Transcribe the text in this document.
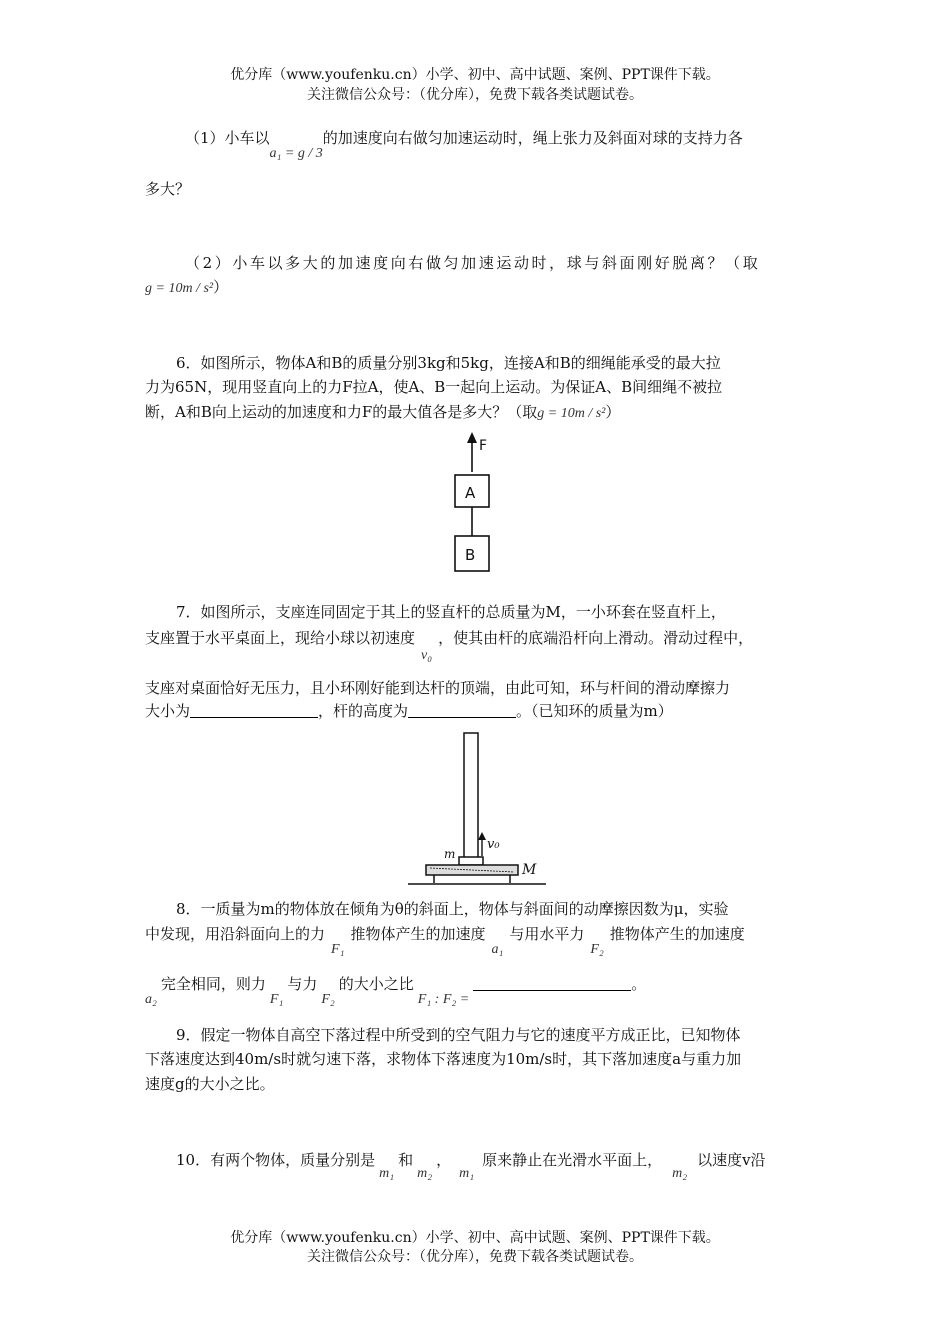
优分库（www.youfenku.cn）小学、初中、高中试题、案例、PPT课件下载。
关注微信公众号：（优分库），免费下载各类试题试卷。
（1）小车以a₁ = g / 3的加速度向右做匀加速运动时，绳上张力及斜面对球的支持力各
多大？
（2）小车以多大的加速度向右做匀加速运动时，球与斜面刚好脱离？（取
g = 10m / s²）
6．如图所示，物体A和B的质量分别3kg和5kg，连接A和B的细绳能承受的最大拉
力为65N，现用竖直向上的力F拉A，使A、B一起向上运动。为保证A、B间细绳不被拉
断，A和B向上运动的加速度和力F的最大值各是多大？（取g = 10m / s²）
F
A
B
7．如图所示，支座连同固定于其上的竖直杆的总质量为M，一小环套在竖直杆上，
支座置于水平桌面上，现给小球以初速度v₀，使其由杆的底端沿杆向上滑动。滑动过程中，
支座对桌面恰好无压力，且小环刚好能到达杆的顶端，由此可知，环与杆间的滑动摩擦力
大小为	，杆的高度为	。（已知环的质量为m）
v₀
m
M
8．一质量为m的物体放在倾角为θ的斜面上，物体与斜面间的动摩擦因数为μ，实验
中发现，用沿斜面向上的力F₁推物体产生的加速度a₁与用水平力F₂推物体产生的加速度
a₂完全相同，则力F₁与力F₂的大小之比F₁ : F₂ =。
9．假定一物体自高空下落过程中所受到的空气阻力与它的速度平方成正比，已知物体
下落速度达到40m/s时就匀速下落，求物体下落速度为10m/s时，其下落加速度a与重力加
速度g的大小之比。
10．有两个物体，质量分别是m₁和m₂，m₁原来静止在光滑水平面上，m₂以速度v沿
优分库（www.youfenku.cn）小学、初中、高中试题、案例、PPT课件下载。
关注微信公众号：（优分库），免费下载各类试题试卷。
